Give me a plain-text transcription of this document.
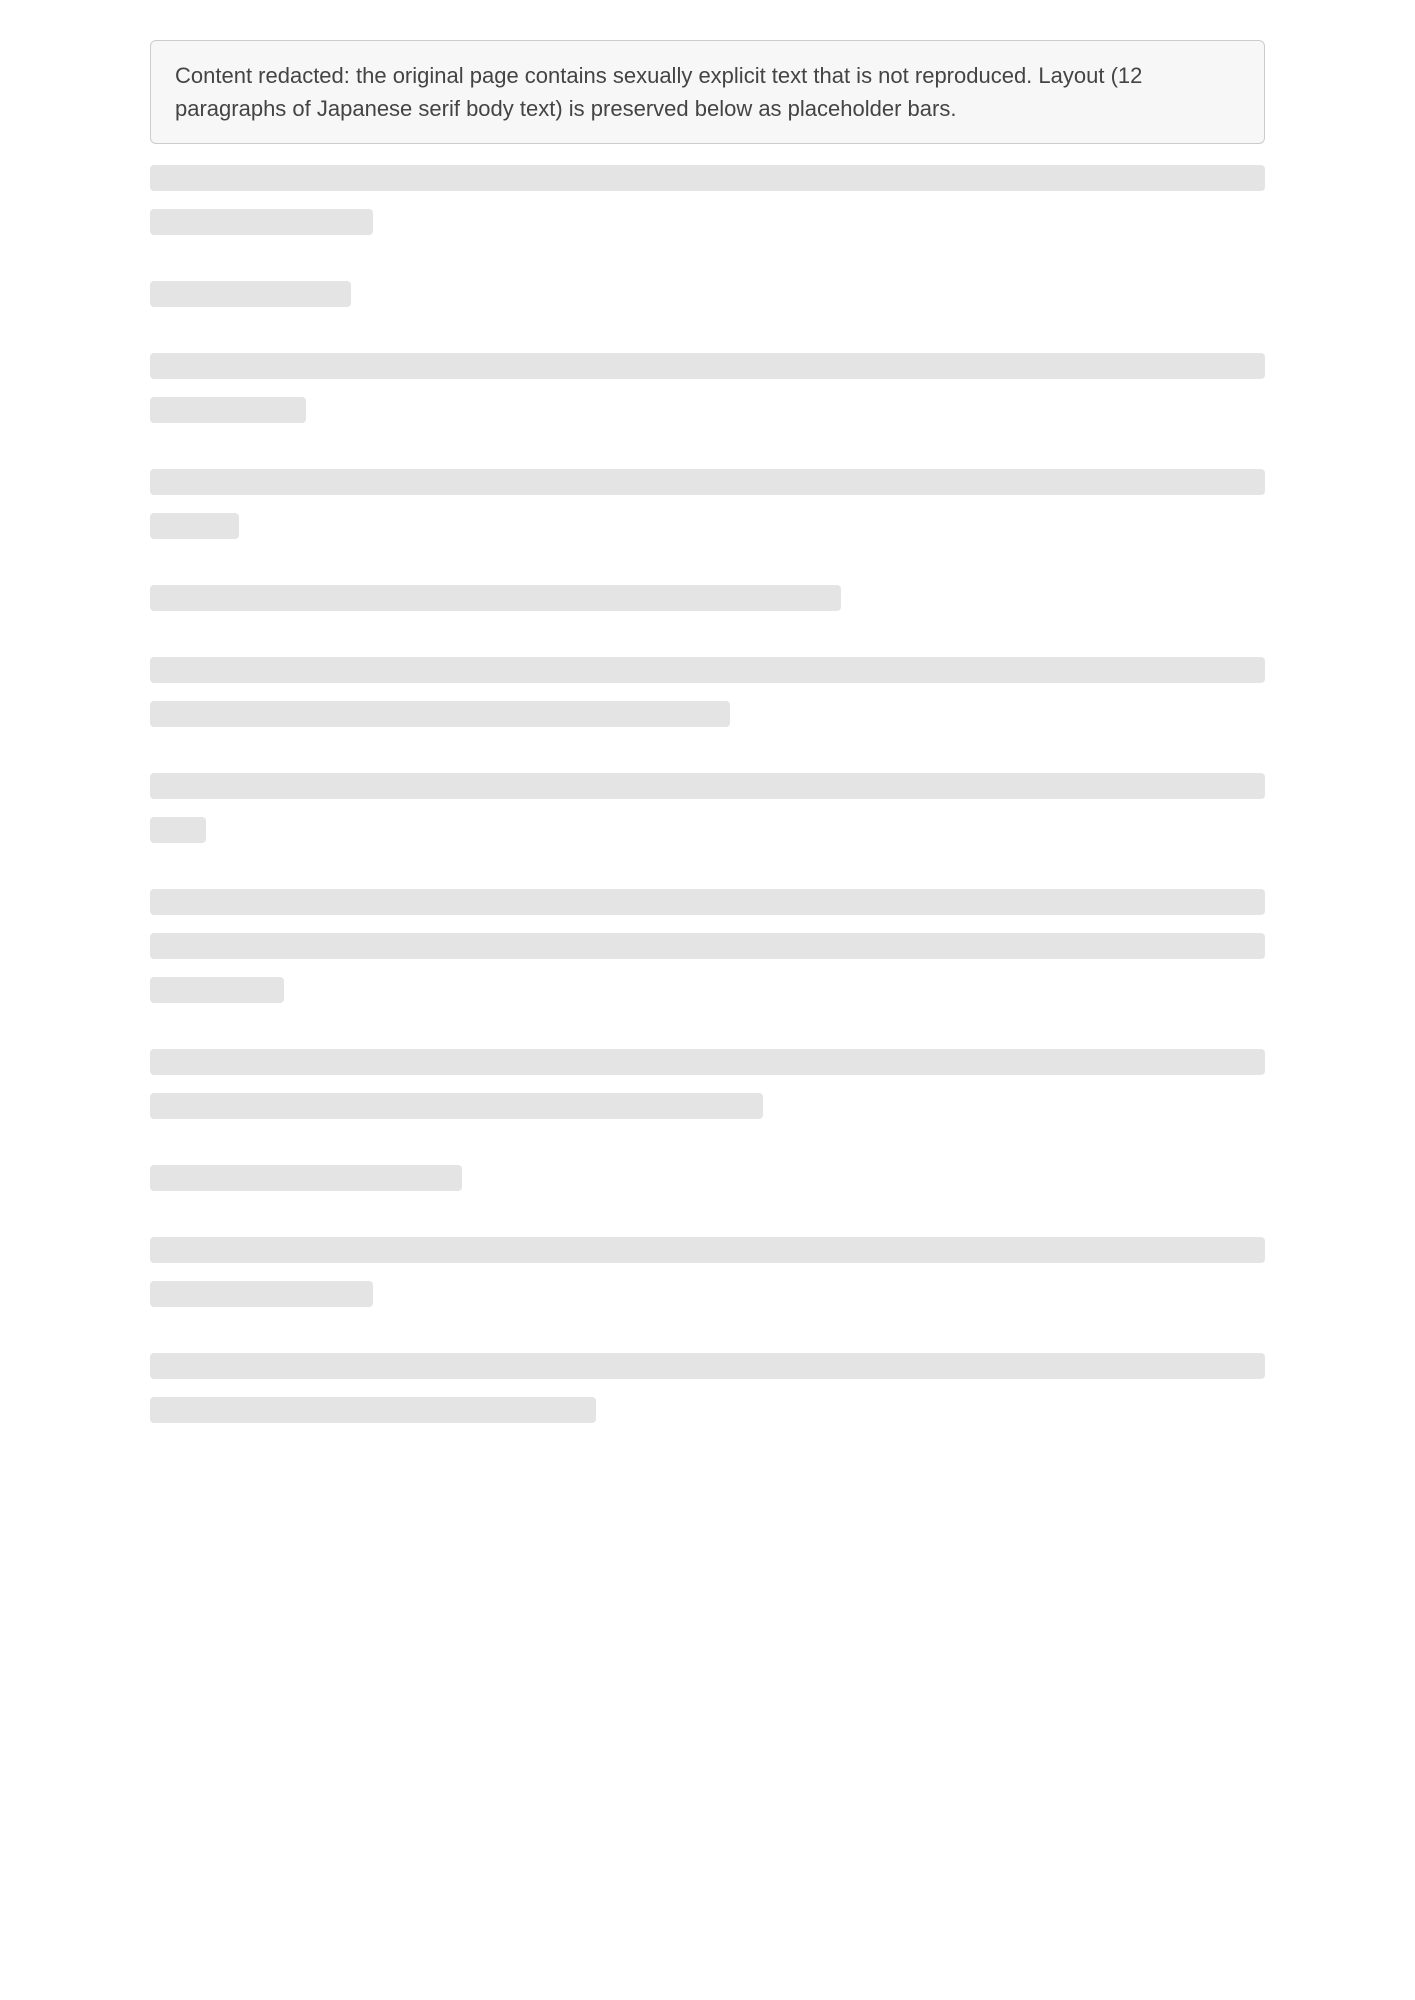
Content redacted: the original page contains sexually explicit text that is not reproduced. Layout (12 paragraphs of Japanese serif body text) is preserved below as placeholder bars.
